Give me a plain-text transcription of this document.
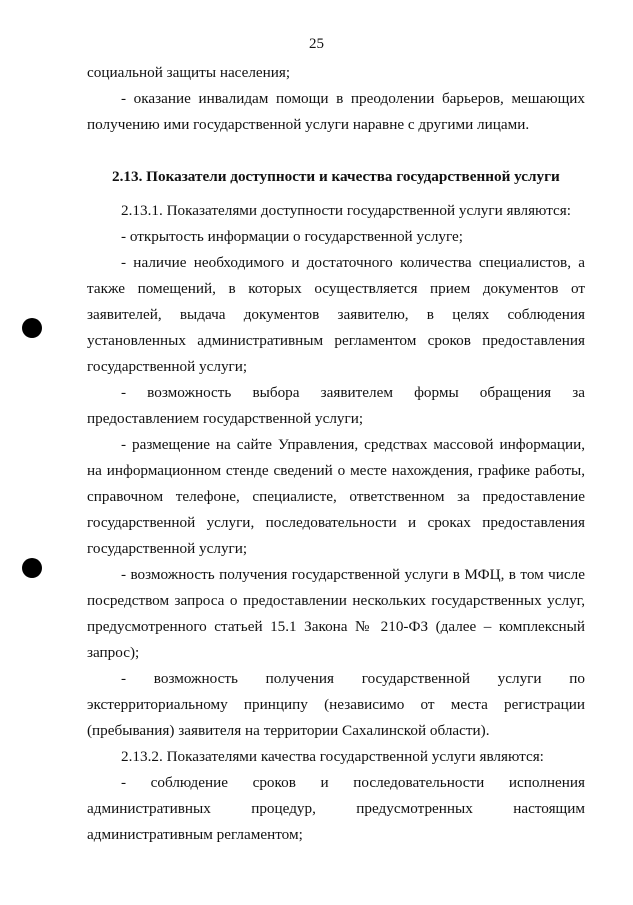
25

социальной защиты населения;

- оказание инвалидам помощи в преодолении барьеров, мешающих получению ими государственной услуги наравне с другими лицами.

2.13. Показатели доступности и качества государственной услуги

2.13.1. Показателями доступности государственной услуги являются:

- открытость информации о государственной услуге;

- наличие необходимого и достаточного количества специалистов, а также помещений, в которых осуществляется прием документов от заявителей, выдача документов заявителю, в целях соблюдения установленных административным регламентом сроков предоставления государственной услуги;

- возможность выбора заявителем формы обращения за предоставлением государственной услуги;

- размещение на сайте Управления, средствах массовой информации, на информационном стенде сведений о месте нахождения, графике работы, справочном телефоне, специалисте, ответственном за предоставление государственной услуги, последовательности и сроках предоставления государственной услуги;

- возможность получения государственной услуги в МФЦ, в том числе посредством запроса о предоставлении нескольких государственных услуг, предусмотренного статьей 15.1 Закона № 210-ФЗ (далее – комплексный запрос);

- возможность получения государственной услуги по экстерриториальному принципу (независимо от места регистрации (пребывания) заявителя на территории Сахалинской области).

2.13.2. Показателями качества государственной услуги являются:

- соблюдение сроков и последовательности исполнения административных процедур, предусмотренных настоящим административным регламентом;
